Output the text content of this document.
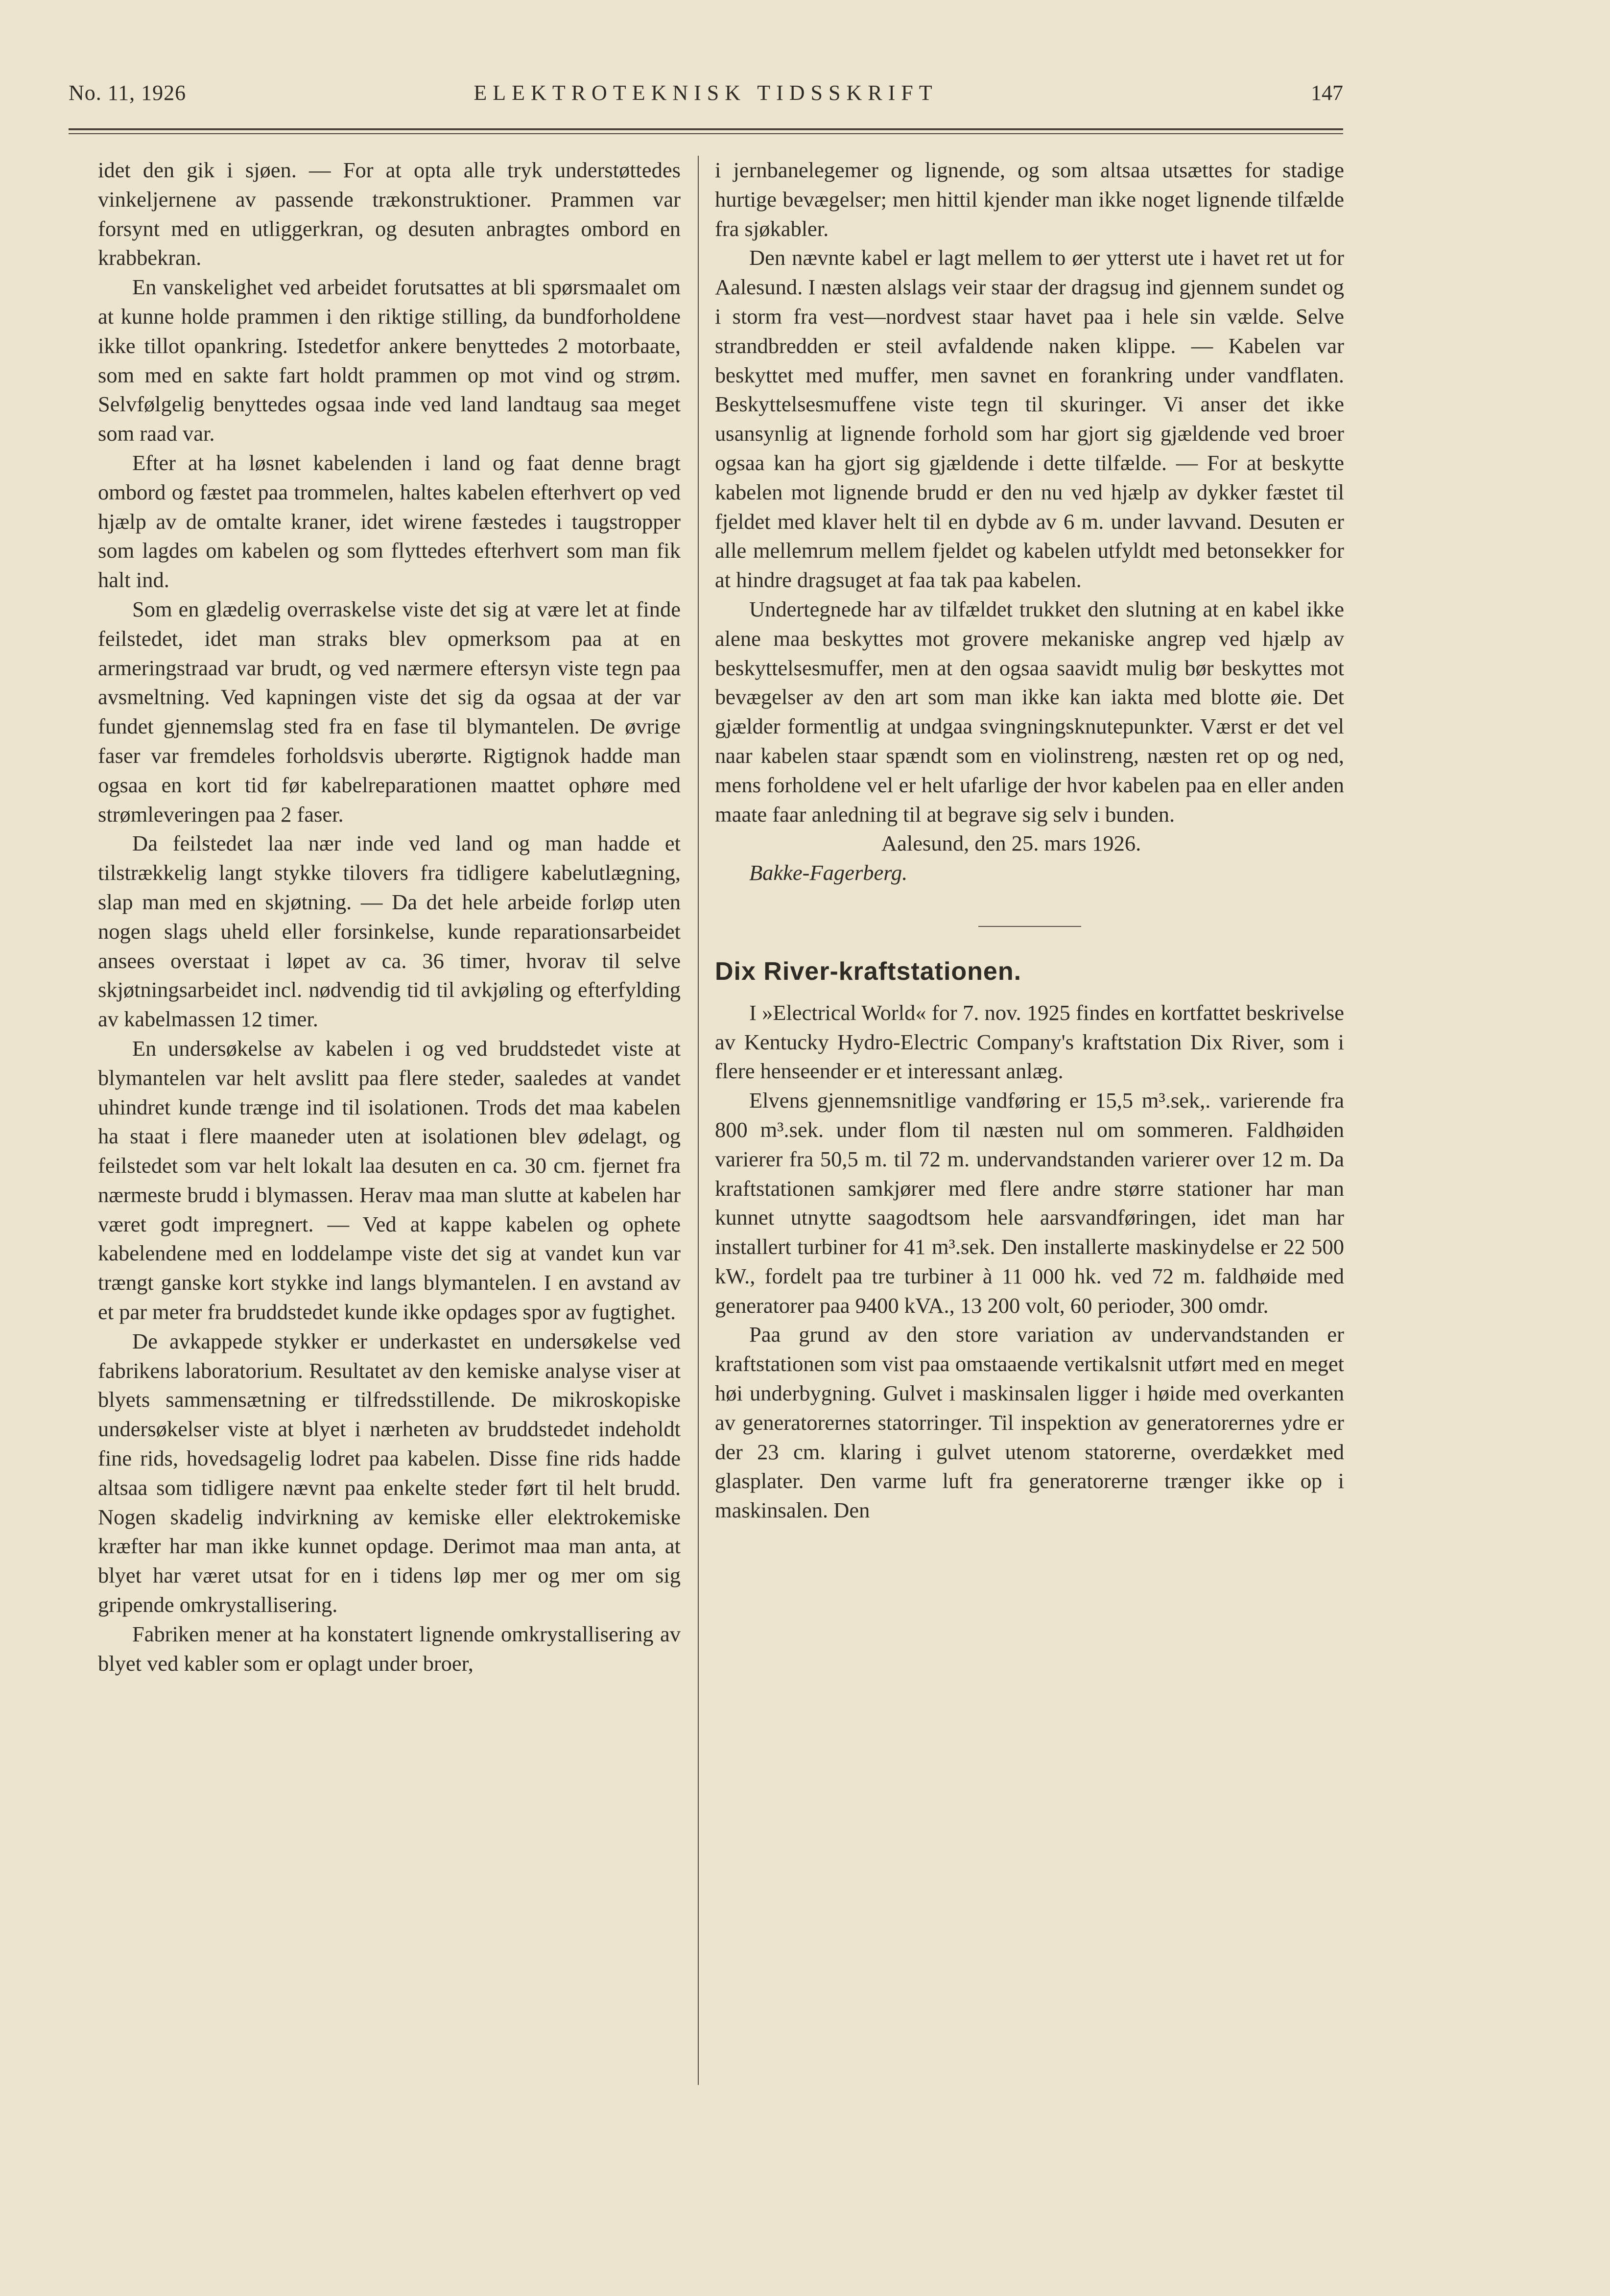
No. 11, 1926	ELEKTROTEKNISK TIDSSKRIFT	147

idet den gik i sjøen. — For at opta alle tryk understøttedes vinkeljernene av passende trækonstruktioner. Prammen var forsynt med en utliggerkran, og desuten anbragtes ombord en krabbekran.

En vanskelighet ved arbeidet forutsattes at bli spørsmaalet om at kunne holde prammen i den riktige stilling, da bundforholdene ikke tillot opankring. Istedetfor ankere benyttedes 2 motorbaate, som med en sakte fart holdt prammen op mot vind og strøm. Selvfølgelig benyttedes ogsaa inde ved land landtaug saa meget som raad var.

Efter at ha løsnet kabelenden i land og faat denne bragt ombord og fæstet paa trommelen, haltes kabelen efterhvert op ved hjælp av de omtalte kraner, idet wirene fæstedes i taugstropper som lagdes om kabelen og som flyttedes efterhvert som man fik halt ind.

Som en glædelig overraskelse viste det sig at være let at finde feilstedet, idet man straks blev opmerksom paa at en armeringstraad var brudt, og ved nærmere eftersyn viste tegn paa avsmeltning. Ved kapningen viste det sig da ogsaa at der var fundet gjennemslag sted fra en fase til blymantelen. De øvrige faser var fremdeles forholdsvis uberørte. Rigtignok hadde man ogsaa en kort tid før kabelreparationen maattet ophøre med strømleveringen paa 2 faser.

Da feilstedet laa nær inde ved land og man hadde et tilstrækkelig langt stykke tilovers fra tidligere kabelutlægning, slap man med en skjøtning. — Da det hele arbeide forløp uten nogen slags uheld eller forsinkelse, kunde reparationsarbeidet ansees overstaat i løpet av ca. 36 timer, hvorav til selve skjøtningsarbeidet incl. nødvendig tid til avkjøling og efterfylding av kabelmassen 12 timer.

En undersøkelse av kabelen i og ved bruddstedet viste at blymantelen var helt avslitt paa flere steder, saaledes at vandet uhindret kunde trænge ind til isolationen. Trods det maa kabelen ha staat i flere maaneder uten at isolationen blev ødelagt, og feilstedet som var helt lokalt laa desuten en ca. 30 cm. fjernet fra nærmeste brudd i blymassen. Herav maa man slutte at kabelen har været godt impregnert. — Ved at kappe kabelen og ophete kabelendene med en loddelampe viste det sig at vandet kun var trængt ganske kort stykke ind langs blymantelen. I en avstand av et par meter fra bruddstedet kunde ikke opdages spor av fugtighet.

De avkappede stykker er underkastet en undersøkelse ved fabrikens laboratorium. Resultatet av den kemiske analyse viser at blyets sammensætning er tilfredsstillende. De mikroskopiske undersøkelser viste at blyet i nærheten av bruddstedet indeholdt fine rids, hovedsagelig lodret paa kabelen. Disse fine rids hadde altsaa som tidligere nævnt paa enkelte steder ført til helt brudd. Nogen skadelig indvirkning av kemiske eller elektrokemiske kræfter har man ikke kunnet opdage. Derimot maa man anta, at blyet har været utsat for en i tidens løp mer og mer om sig gripende omkrystallisering.

Fabriken mener at ha konstatert lignende omkrystallisering av blyet ved kabler som er oplagt under broer,

i jernbanelegemer og lignende, og som altsaa utsættes for stadige hurtige bevægelser; men hittil kjender man ikke noget lignende tilfælde fra sjøkabler.

Den nævnte kabel er lagt mellem to øer ytterst ute i havet ret ut for Aalesund. I næsten alslags veir staar der dragsug ind gjennem sundet og i storm fra vest—nordvest staar havet paa i hele sin vælde. Selve strandbredden er steil avfaldende naken klippe. — Kabelen var beskyttet med muffer, men savnet en forankring under vandflaten. Beskyttelsesmuffene viste tegn til skuringer. Vi anser det ikke usansynlig at lignende forhold som har gjort sig gjældende ved broer ogsaa kan ha gjort sig gjældende i dette tilfælde. — For at beskytte kabelen mot lignende brudd er den nu ved hjælp av dykker fæstet til fjeldet med klaver helt til en dybde av 6 m. under lavvand. Desuten er alle mellemrum mellem fjeldet og kabelen utfyldt med betonsekker for at hindre dragsuget at faa tak paa kabelen.

Undertegnede har av tilfældet trukket den slutning at en kabel ikke alene maa beskyttes mot grovere mekaniske angrep ved hjælp av beskyttelsesmuffer, men at den ogsaa saavidt mulig bør beskyttes mot bevægelser av den art som man ikke kan iakta med blotte øie. Det gjælder formentlig at undgaa svingningsknutepunkter. Værst er det vel naar kabelen staar spændt som en violinstreng, næsten ret op og ned, mens forholdene vel er helt ufarlige der hvor kabelen paa en eller anden maate faar anledning til at begrave sig selv i bunden.

Aalesund, den 25. mars 1926.

Bakke-Fagerberg.

Dix River-kraftstationen.

I »Electrical World« for 7. nov. 1925 findes en kortfattet beskrivelse av Kentucky Hydro-Electric Company's kraftstation Dix River, som i flere henseender er et interessant anlæg.

Elvens gjennemsnitlige vandføring er 15,5 m³.sek,. varierende fra 800 m³.sek. under flom til næsten nul om sommeren. Faldhøiden varierer fra 50,5 m. til 72 m. undervandstanden varierer over 12 m. Da kraftstationen samkjører med flere andre større stationer har man kunnet utnytte saagodtsom hele aarsvandføringen, idet man har installert turbiner for 41 m³.sek. Den installerte maskinydelse er 22 500 kW., fordelt paa tre turbiner à 11 000 hk. ved 72 m. faldhøide med generatorer paa 9400 kVA., 13 200 volt, 60 perioder, 300 omdr.

Paa grund av den store variation av undervandstanden er kraftstationen som vist paa omstaaende vertikalsnit utført med en meget høi underbygning. Gulvet i maskinsalen ligger i høide med overkanten av generatorernes statorringer. Til inspektion av generatorernes ydre er der 23 cm. klaring i gulvet utenom statorerne, overdækket med glasplater. Den varme luft fra generatorerne trænger ikke op i maskinsalen. Den
